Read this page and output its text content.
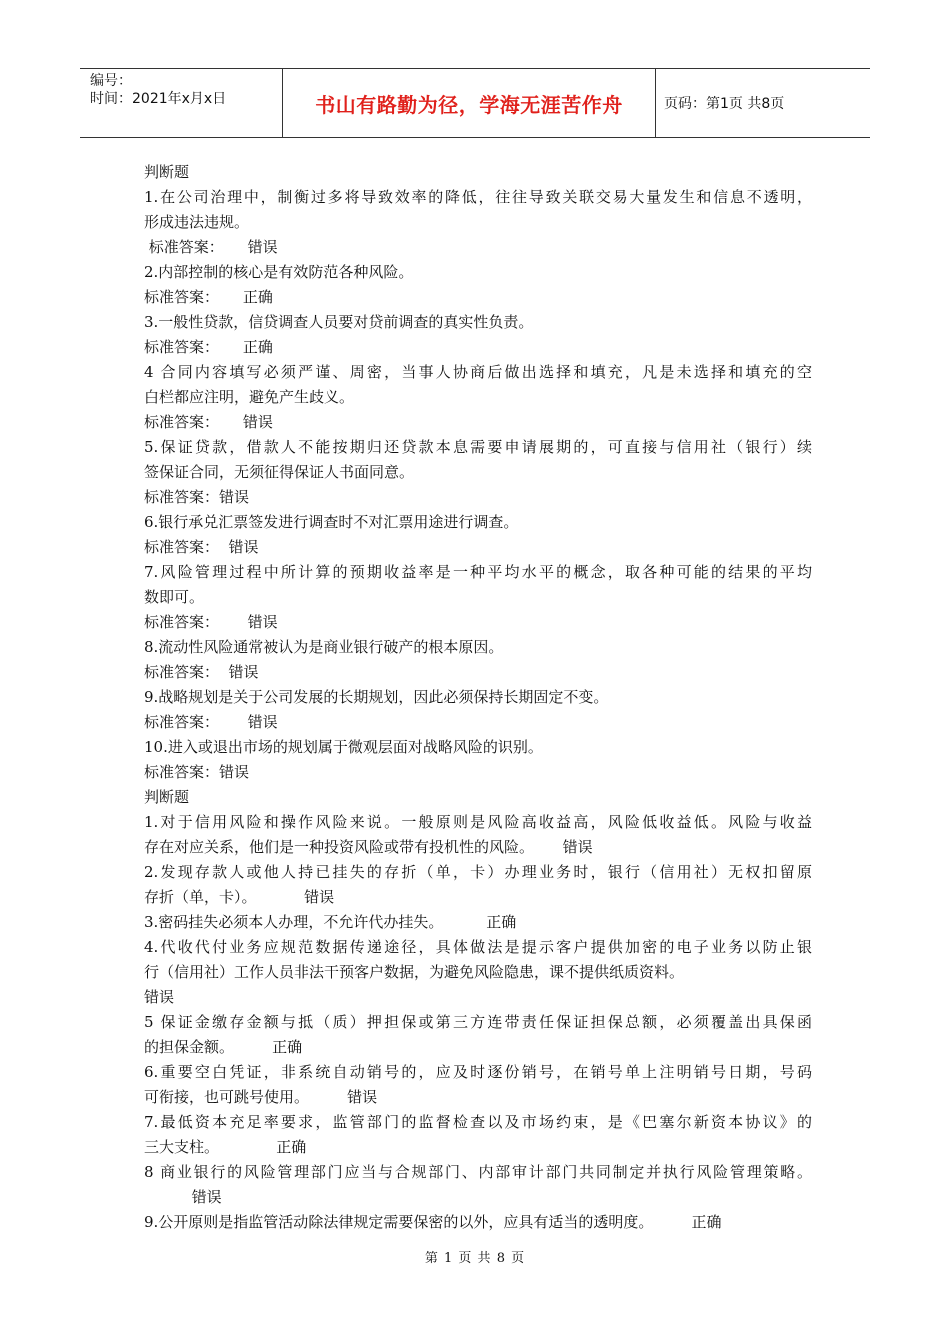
编号：
时间：2021年x月x日	书山有路勤为径，学海无涯苦作舟	页码：第1页 共8页
判断题
1.在公司治理中，制衡过多将导致效率的降低，往往导致关联交易大量发生和信息不透明，
形成违法违规。
标准答案：     错误
2.内部控制的核心是有效防范各种风险。
标准答案：     正确
3.一般性贷款，信贷调查人员要对贷前调查的真实性负责。
标准答案：     正确
4 合同内容填写必须严谨、周密，当事人协商后做出选择和填充，凡是未选择和填充的空
白栏都应注明，避免产生歧义。
标准答案：     错误
5.保证贷款，借款人不能按期归还贷款本息需要申请展期的，可直接与信用社（银行）续
签保证合同，无须征得保证人书面同意。
标准答案：错误
6.银行承兑汇票签发进行调查时不对汇票用途进行调查。
标准答案：  错误
7.风险管理过程中所计算的预期收益率是一种平均水平的概念，取各种可能的结果的平均
数即可。
标准答案：      错误
8.流动性风险通常被认为是商业银行破产的根本原因。
标准答案：  错误
9.战略规划是关于公司发展的长期规划，因此必须保持长期固定不变。
标准答案：      错误
10.进入或退出市场的规划属于微观层面对战略风险的识别。
标准答案：错误
判断题
1.对于信用风险和操作风险来说。一般原则是风险高收益高，风险低收益低。风险与收益
存在对应关系，他们是一种投资风险或带有投机性的风险。      错误
2.发现存款人或他人持已挂失的存折（单，卡）办理业务时，银行（信用社）无权扣留原
存折（单，卡）。          错误
3.密码挂失必须本人办理，不允许代办挂失。         正确
4.代收代付业务应规范数据传递途径，具体做法是提示客户提供加密的电子业务以防止银
行（信用社）工作人员非法干预客户数据，为避免风险隐患，课不提供纸质资料。
错误
5 保证金缴存金额与抵（质）押担保或第三方连带责任保证担保总额，必须覆盖出具保函
的担保金额。        正确
6.重要空白凭证，非系统自动销号的，应及时逐份销号，在销号单上注明销号日期，号码
可衔接，也可跳号使用。        错误
7.最低资本充足率要求，监管部门的监督检查以及市场约束，是《巴塞尔新资本协议》的
三大支柱。            正确
8 商业银行的风险管理部门应当与合规部门、内部审计部门共同制定并执行风险管理策略。
错误
9.公开原则是指监管活动除法律规定需要保密的以外，应具有适当的透明度。        正确
第 1 页 共 8 页
